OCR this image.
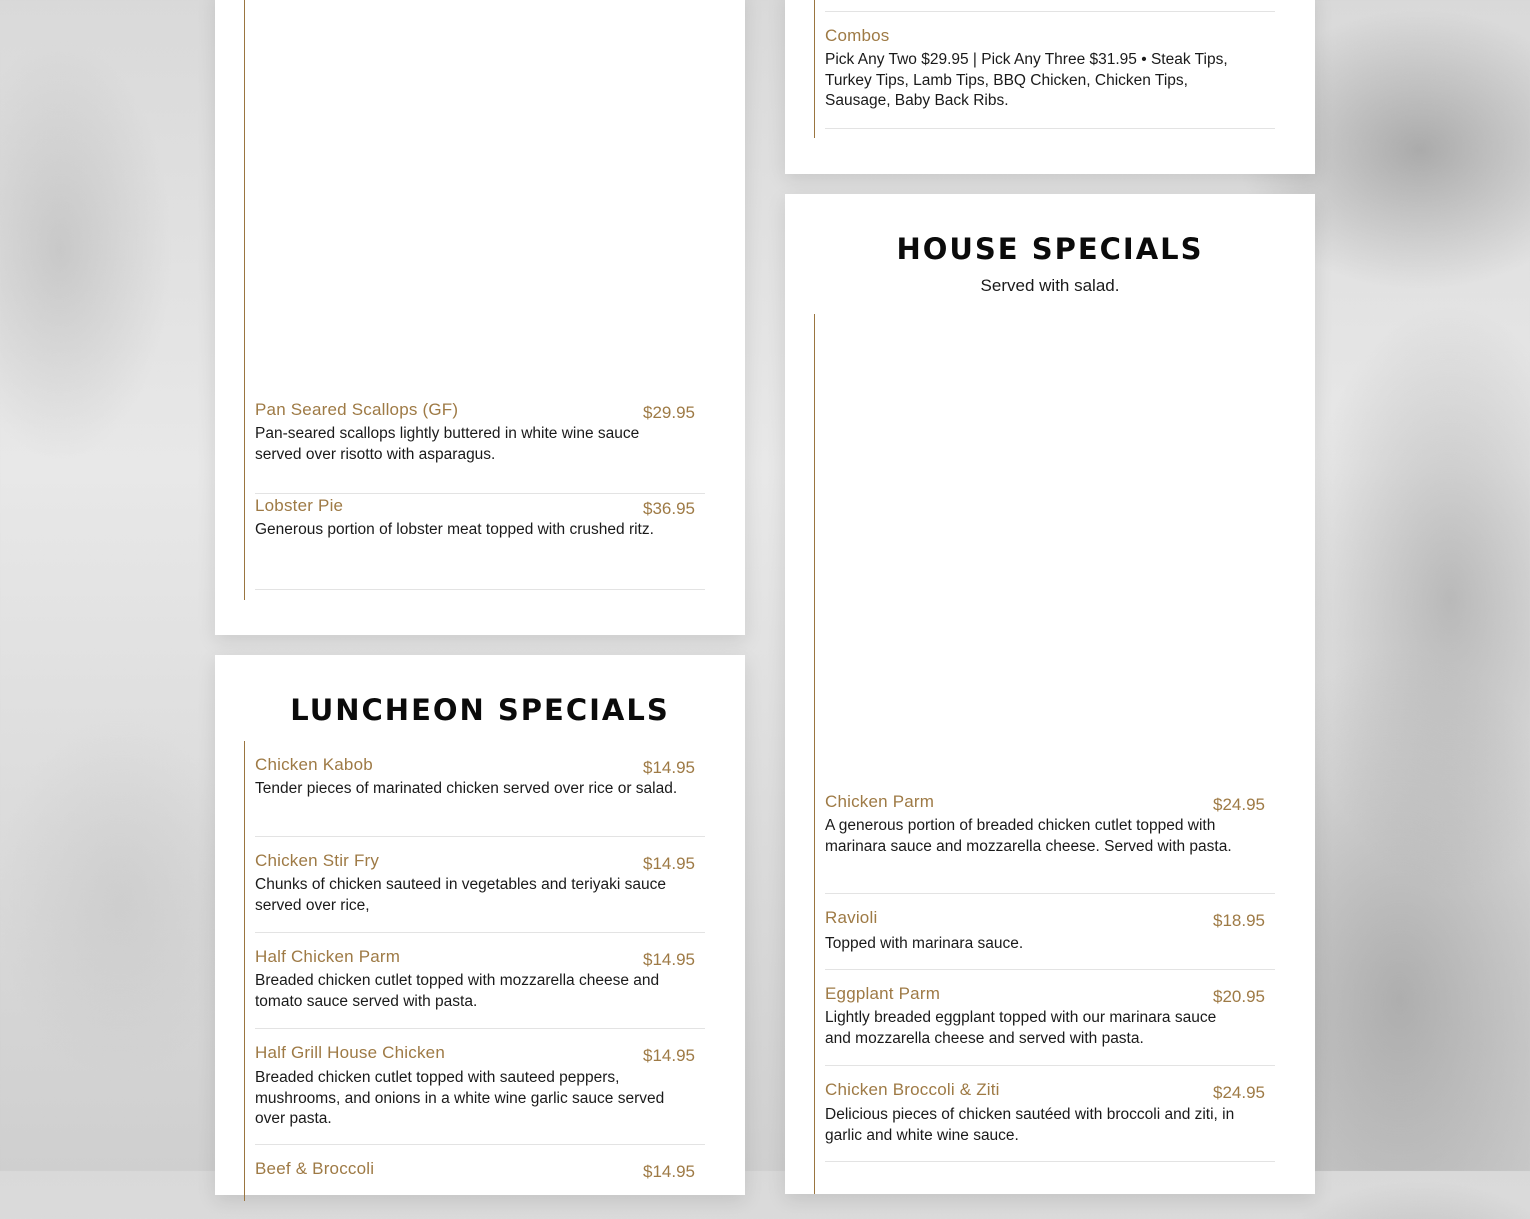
Pan Seared Scallops (GF)	$29.95
Pan-seared scallops lightly buttered in white wine sauce served over risotto with asparagus.
Lobster Pie	$36.95
Generous portion of lobster meat topped with crushed ritz.
LUNCHEON SPECIALS
Chicken Kabob	$14.95
Tender pieces of marinated chicken served over rice or salad.
Chicken Stir Fry	$14.95
Chunks of chicken sauteed in vegetables and teriyaki sauce served over rice,
Half Chicken Parm	$14.95
Breaded chicken cutlet topped with mozzarella cheese and tomato sauce served with pasta.
Half Grill House Chicken	$14.95
Breaded chicken cutlet topped with sauteed peppers, mushrooms, and onions in a white wine garlic sauce served over pasta.
Beef & Broccoli	$14.95
Combos
Pick Any Two $29.95 | Pick Any Three $31.95 • Steak Tips, Turkey Tips, Lamb Tips, BBQ Chicken, Chicken Tips, Sausage, Baby Back Ribs.
HOUSE SPECIALS
Served with salad.
Chicken Parm	$24.95
A generous portion of breaded chicken cutlet topped with marinara sauce and mozzarella cheese. Served with pasta.
Ravioli	$18.95
Topped with marinara sauce.
Eggplant Parm	$20.95
Lightly breaded eggplant topped with our marinara sauce and mozzarella cheese and served with pasta.
Chicken Broccoli & Ziti	$24.95
Delicious pieces of chicken sautéed with broccoli and ziti, in garlic and white wine sauce.
